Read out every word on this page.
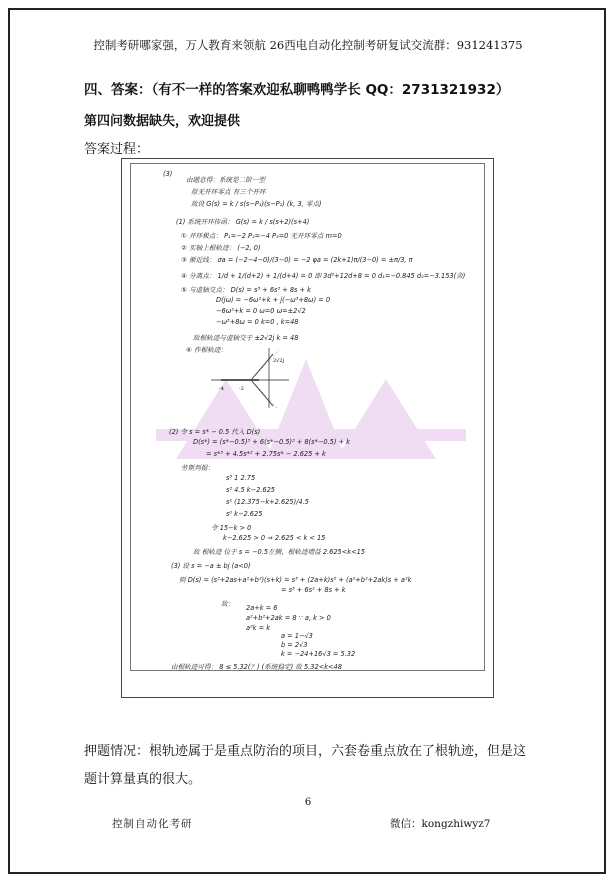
控制考研哪家强，万人教育来领航 26西电自动化控制考研复试交流群：931241375
四、答案：（有不一样的答案欢迎私聊鸭鸭学长 QQ：2731321932）
第四问数据缺失，欢迎提供
答案过程：
(3)
由题意得：系统是二阶一型
原无开环零点 有三个开环
故设 G(s) = k / s(s−P₁)(s−P₂) (k, 3, 零点)
(1) 系统开环传函： G(s) = k / s(s+2)(s+4)
① 开环极点： P₁=−2 P₂=−4 P₃=0 无开环零点 m=0
② 实轴上根轨迹： (−2, 0)
③ 渐近线： σa = (−2−4−0)/(3−0) = −2 φa = (2k+1)π/(3−0) = ±π/3, π
④ 分离点： 1/d + 1/(d+2) + 1/(d+4) = 0 即 3d²+12d+8 = 0 d₁=−0.845 d₂=−3.153(舍)
⑤ 与虚轴交点： D(s) = s³ + 6s² + 8s + k
D(jω) = −6ω²+k + j(−ω³+8ω) = 0
−6ω²+k = 0 ω=0 ω=±2√2
−ω³+8ω = 0 k=0 , k=48
故根轨迹与虚轴交于 ±2√2j k = 48
⑥ 作根轨迹：
-4	-2
2√2j
(2) 令 s = s* − 0.5 代入 D(s)
D(s*) = (s*−0.5)³ + 6(s*−0.5)² + 8(s*−0.5) + k
= s*³ + 4.5s*² + 2.75s* − 2.625 + k
劳斯判据：
s³ 1 2.75
s² 4.5 k−2.625
s¹ (12.375−k+2.625)/4.5
s⁰ k−2.625
令 15−k > 0
k−2.625 > 0 ⇒ 2.625 < k < 15
故 根轨迹 位于 s = −0.5左侧，根轨迹增益 2.625<k<15
(3) 设 s = −a ± bj (a<0)
则 D(s) = (s²+2as+a²+b²)(s+k) = s³ + (2a+k)s² + (a²+b²+2ak)s + a²k
= s³ + 6s² + 8s + k
故： 2a+k = 6
a²+b²+2ak = 8 ∵ a, k > 0
a²k = k
a = 1−√3
b = 2√3
k = −24+16√3 = 5.32
由根轨迹可得： 8 ≤ 5.32(？) (系统稳定) 故 5.32<k<48
押题情况：根轨迹属于是重点防治的项目，六套卷重点放在了根轨迹，但是这题计算量真的很大。
6
控制自动化考研	微信：kongzhiwyz7
